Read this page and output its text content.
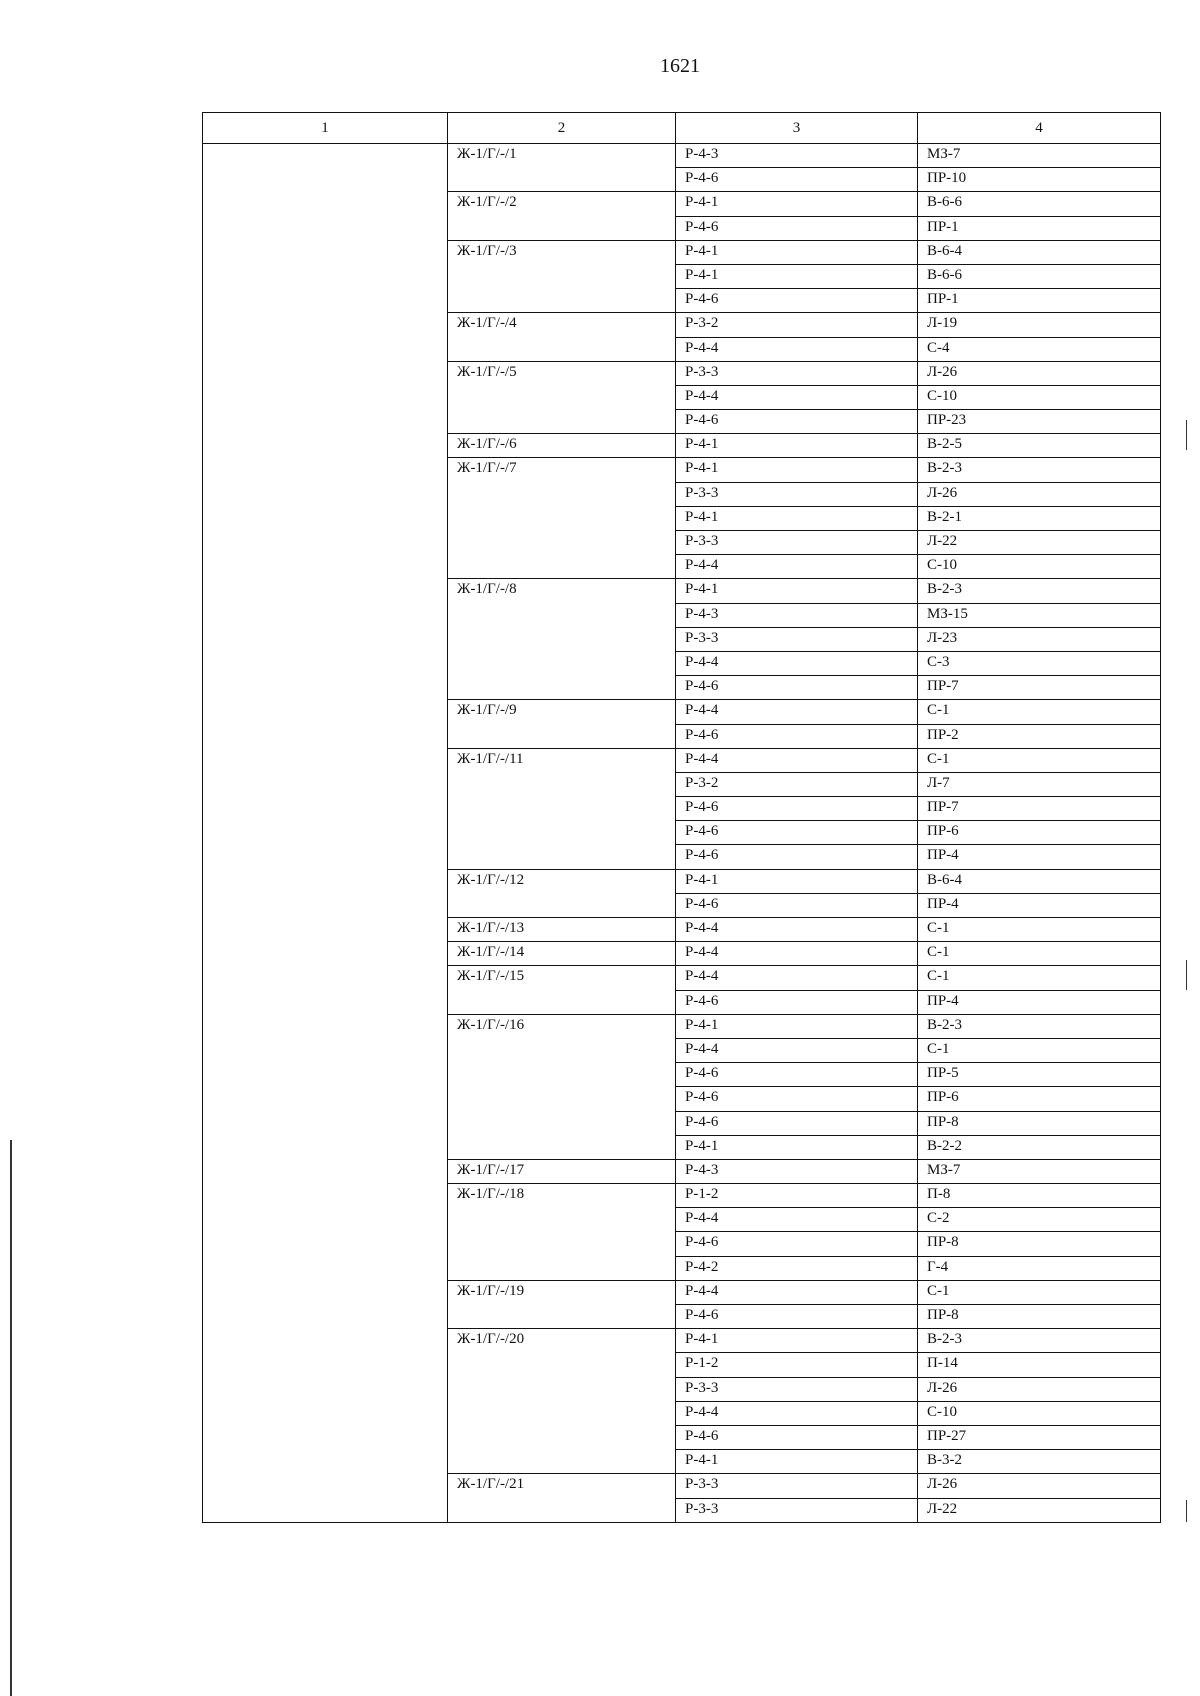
1621
1	2	3	4
	Ж-1/Г/-/1	Р-4-3	МЗ-7
		Р-4-6	ПР-10
	Ж-1/Г/-/2	Р-4-1	В-6-6
		Р-4-6	ПР-1
	Ж-1/Г/-/3	Р-4-1	В-6-4
		Р-4-1	В-6-6
		Р-4-6	ПР-1
	Ж-1/Г/-/4	Р-3-2	Л-19
		Р-4-4	С-4
	Ж-1/Г/-/5	Р-3-3	Л-26
		Р-4-4	С-10
		Р-4-6	ПР-23
	Ж-1/Г/-/6	Р-4-1	В-2-5
	Ж-1/Г/-/7	Р-4-1	В-2-3
		Р-3-3	Л-26
		Р-4-1	В-2-1
		Р-3-3	Л-22
		Р-4-4	С-10
	Ж-1/Г/-/8	Р-4-1	В-2-3
		Р-4-3	МЗ-15
		Р-3-3	Л-23
		Р-4-4	С-3
		Р-4-6	ПР-7
	Ж-1/Г/-/9	Р-4-4	С-1
		Р-4-6	ПР-2
	Ж-1/Г/-/11	Р-4-4	С-1
		Р-3-2	Л-7
		Р-4-6	ПР-7
		Р-4-6	ПР-6
		Р-4-6	ПР-4
	Ж-1/Г/-/12	Р-4-1	В-6-4
		Р-4-6	ПР-4
	Ж-1/Г/-/13	Р-4-4	С-1
	Ж-1/Г/-/14	Р-4-4	С-1
	Ж-1/Г/-/15	Р-4-4	С-1
		Р-4-6	ПР-4
	Ж-1/Г/-/16	Р-4-1	В-2-3
		Р-4-4	С-1
		Р-4-6	ПР-5
		Р-4-6	ПР-6
		Р-4-6	ПР-8
		Р-4-1	В-2-2
	Ж-1/Г/-/17	Р-4-3	МЗ-7
	Ж-1/Г/-/18	Р-1-2	П-8
		Р-4-4	С-2
		Р-4-6	ПР-8
		Р-4-2	Г-4
	Ж-1/Г/-/19	Р-4-4	С-1
		Р-4-6	ПР-8
	Ж-1/Г/-/20	Р-4-1	В-2-3
		Р-1-2	П-14
		Р-3-3	Л-26
		Р-4-4	С-10
		Р-4-6	ПР-27
		Р-4-1	В-3-2
	Ж-1/Г/-/21	Р-3-3	Л-26
		Р-3-3	Л-22
